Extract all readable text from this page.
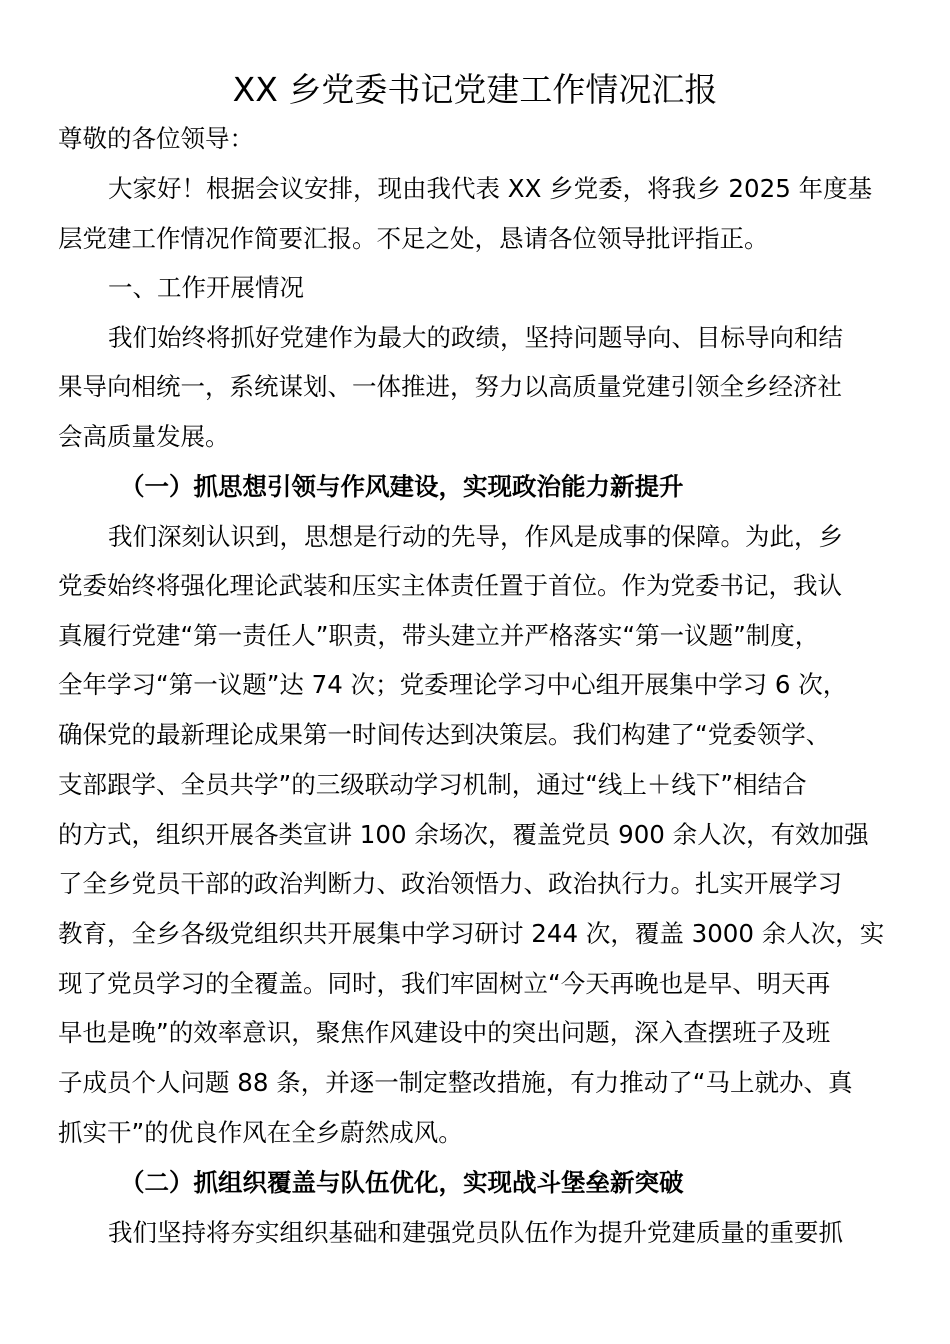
XX 乡党委书记党建工作情况汇报
尊敬的各位领导：
大家好！根据会议安排，现由我代表 XX 乡党委，将我乡 2025 年度基
层党建工作情况作简要汇报。不足之处，恳请各位领导批评指正。
一、工作开展情况
我们始终将抓好党建作为最大的政绩，坚持问题导向、目标导向和结
果导向相统一，系统谋划、一体推进，努力以高质量党建引领全乡经济社
会高质量发展。
（一）抓思想引领与作风建设，实现政治能力新提升
我们深刻认识到，思想是行动的先导，作风是成事的保障。为此，乡
党委始终将强化理论武装和压实主体责任置于首位。作为党委书记，我认
真履行党建“第一责任人”职责，带头建立并严格落实“第一议题”制度，
全年学习“第一议题”达 74 次；党委理论学习中心组开展集中学习 6 次，
确保党的最新理论成果第一时间传达到决策层。我们构建了“党委领学、
支部跟学、全员共学”的三级联动学习机制，通过“线上＋线下”相结合
的方式，组织开展各类宣讲 100 余场次，覆盖党员 900 余人次，有效加强
了全乡党员干部的政治判断力、政治领悟力、政治执行力。扎实开展学习
教育，全乡各级党组织共开展集中学习研讨 244 次，覆盖 3000 余人次，实
现了党员学习的全覆盖。同时，我们牢固树立“今天再晚也是早、明天再
早也是晚”的效率意识，聚焦作风建设中的突出问题，深入查摆班子及班
子成员个人问题 88 条，并逐一制定整改措施，有力推动了“马上就办、真
抓实干”的优良作风在全乡蔚然成风。
（二）抓组织覆盖与队伍优化，实现战斗堡垒新突破
我们坚持将夯实组织基础和建强党员队伍作为提升党建质量的重要抓
